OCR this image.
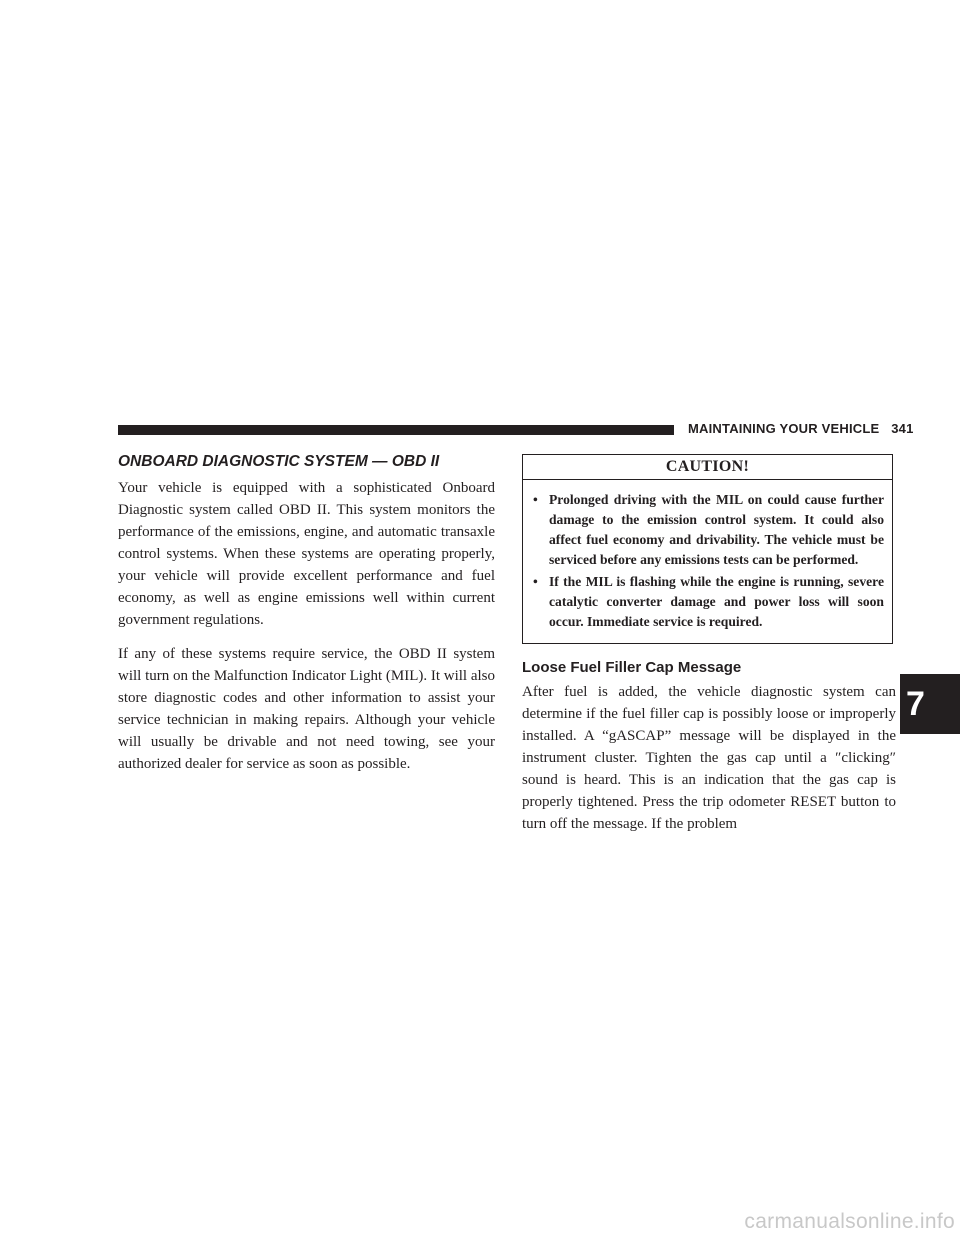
MAINTAINING YOUR VEHICLE 341
ONBOARD DIAGNOSTIC SYSTEM — OBD II

Your vehicle is equipped with a sophisticated Onboard Diagnostic system called OBD II. This system monitors the performance of the emissions, engine, and automatic transaxle control systems. When these systems are operating properly, your vehicle will provide excellent performance and fuel economy, as well as engine emissions well within current government regulations.

If any of these systems require service, the OBD II system will turn on the Malfunction Indicator Light (MIL). It will also store diagnostic codes and other information to assist your service technician in making repairs. Although your vehicle will usually be drivable and not need towing, see your authorized dealer for service as soon as possible.

CAUTION!
• Prolonged driving with the MIL on could cause further damage to the emission control system. It could also affect fuel economy and drivability. The vehicle must be serviced before any emissions tests can be performed.
• If the MIL is flashing while the engine is running, severe catalytic converter damage and power loss will soon occur. Immediate service is required.
Loose Fuel Filler Cap Message

After fuel is added, the vehicle diagnostic system can determine if the fuel filler cap is possibly loose or improperly installed. A “gASCAP” message will be displayed in the instrument cluster. Tighten the gas cap until a ″clicking″ sound is heard. This is an indication that the gas cap is properly tightened. Press the trip odometer RESET button to turn off the message. If the problem

7
carmanualsonline.info
